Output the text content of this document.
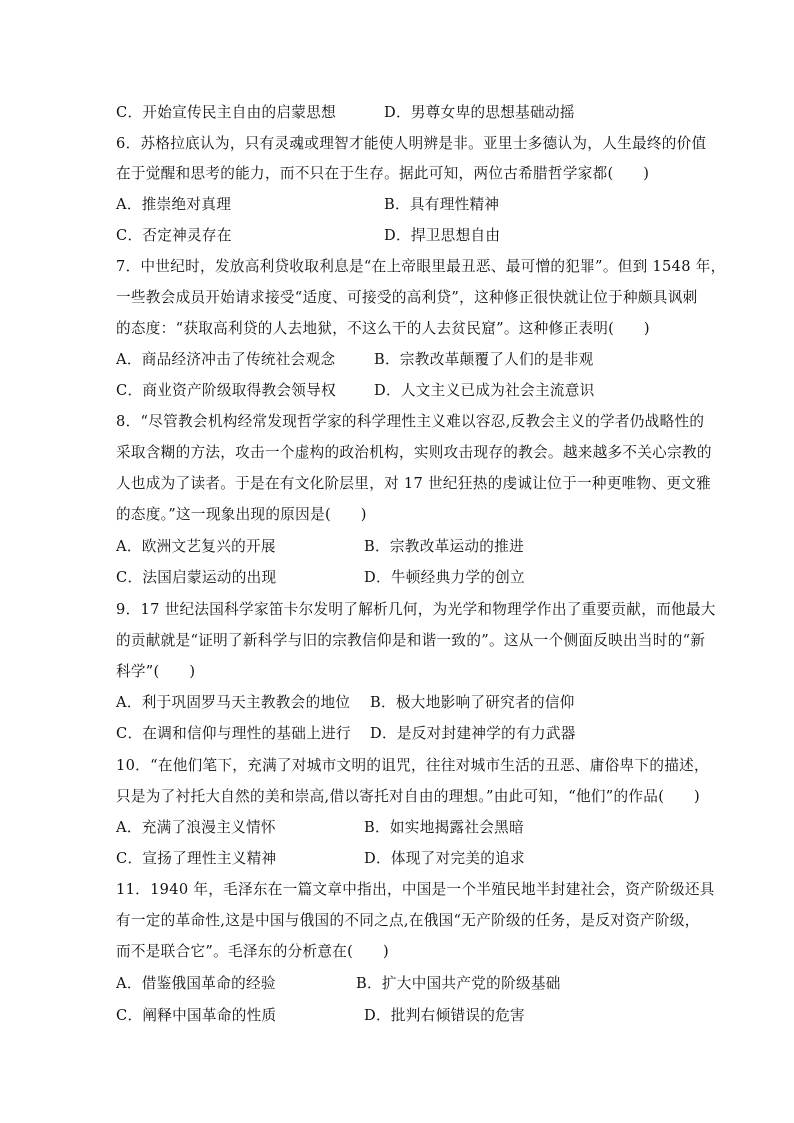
C．开始宣传民主自由的启蒙思想	D．男尊女卑的思想基础动摇
6．苏格拉底认为，只有灵魂或理智才能使人明辨是非。亚里士多德认为，人生最终的价值
在于觉醒和思考的能力，而不只在于生存。据此可知，两位古希腊哲学家都(　　)
A．推崇绝对真理	B．具有理性精神
C．否定神灵存在	D．捍卫思想自由
7．中世纪时，发放高利贷收取利息是“在上帝眼里最丑恶、最可憎的犯罪”。但到 1548 年，
一些教会成员开始请求接受“适度、可接受的高利贷”，这种修正很快就让位于种颇具讽刺
的态度：“获取高利贷的人去地狱，不这么干的人去贫民窟”。这种修正表明(　　)
A．商品经济冲击了传统社会观念	B．宗教改革颠覆了人们的是非观
C．商业资产阶级取得教会领导权	D．人文主义已成为社会主流意识
8．“尽管教会机构经常发现哲学家的科学理性主义难以容忍,反教会主义的学者仍战略性的
采取含糊的方法，攻击一个虚构的政治机构，实则攻击现存的教会。越来越多不关心宗教的
人也成为了读者。于是在有文化阶层里，对 17 世纪狂热的虔诚让位于一种更唯物、更文雅
的态度。”这一现象出现的原因是(　　)
A．欧洲文艺复兴的开展	B．宗教改革运动的推进
C．法国启蒙运动的出现	D．牛顿经典力学的创立
9．17 世纪法国科学家笛卡尔发明了解析几何，为光学和物理学作出了重要贡献，而他最大
的贡献就是“证明了新科学与旧的宗教信仰是和谐一致的”。这从一个侧面反映出当时的“新
科学”(　　)
A．利于巩固罗马天主教教会的地位 B．极大地影响了研究者的信仰
C．在调和信仰与理性的基础上进行 D．是反对封建神学的有力武器
10．“在他们笔下，充满了对城市文明的诅咒，往往对城市生活的丑恶、庸俗卑下的描述，
只是为了衬托大自然的美和崇高,借以寄托对自由的理想。”由此可知，“他们”的作品(　　)
A．充满了浪漫主义情怀	B．如实地揭露社会黑暗
C．宣扬了理性主义精神	D．体现了对完美的追求
11．1940 年，毛泽东在一篇文章中指出，中国是一个半殖民地半封建社会，资产阶级还具
有一定的革命性,这是中国与俄国的不同之点,在俄国“无产阶级的任务，是反对资产阶级，
而不是联合它”。毛泽东的分析意在(　　)
A．借鉴俄国革命的经验	B．扩大中国共产党的阶级基础
C．阐释中国革命的性质	D．批判右倾错误的危害
